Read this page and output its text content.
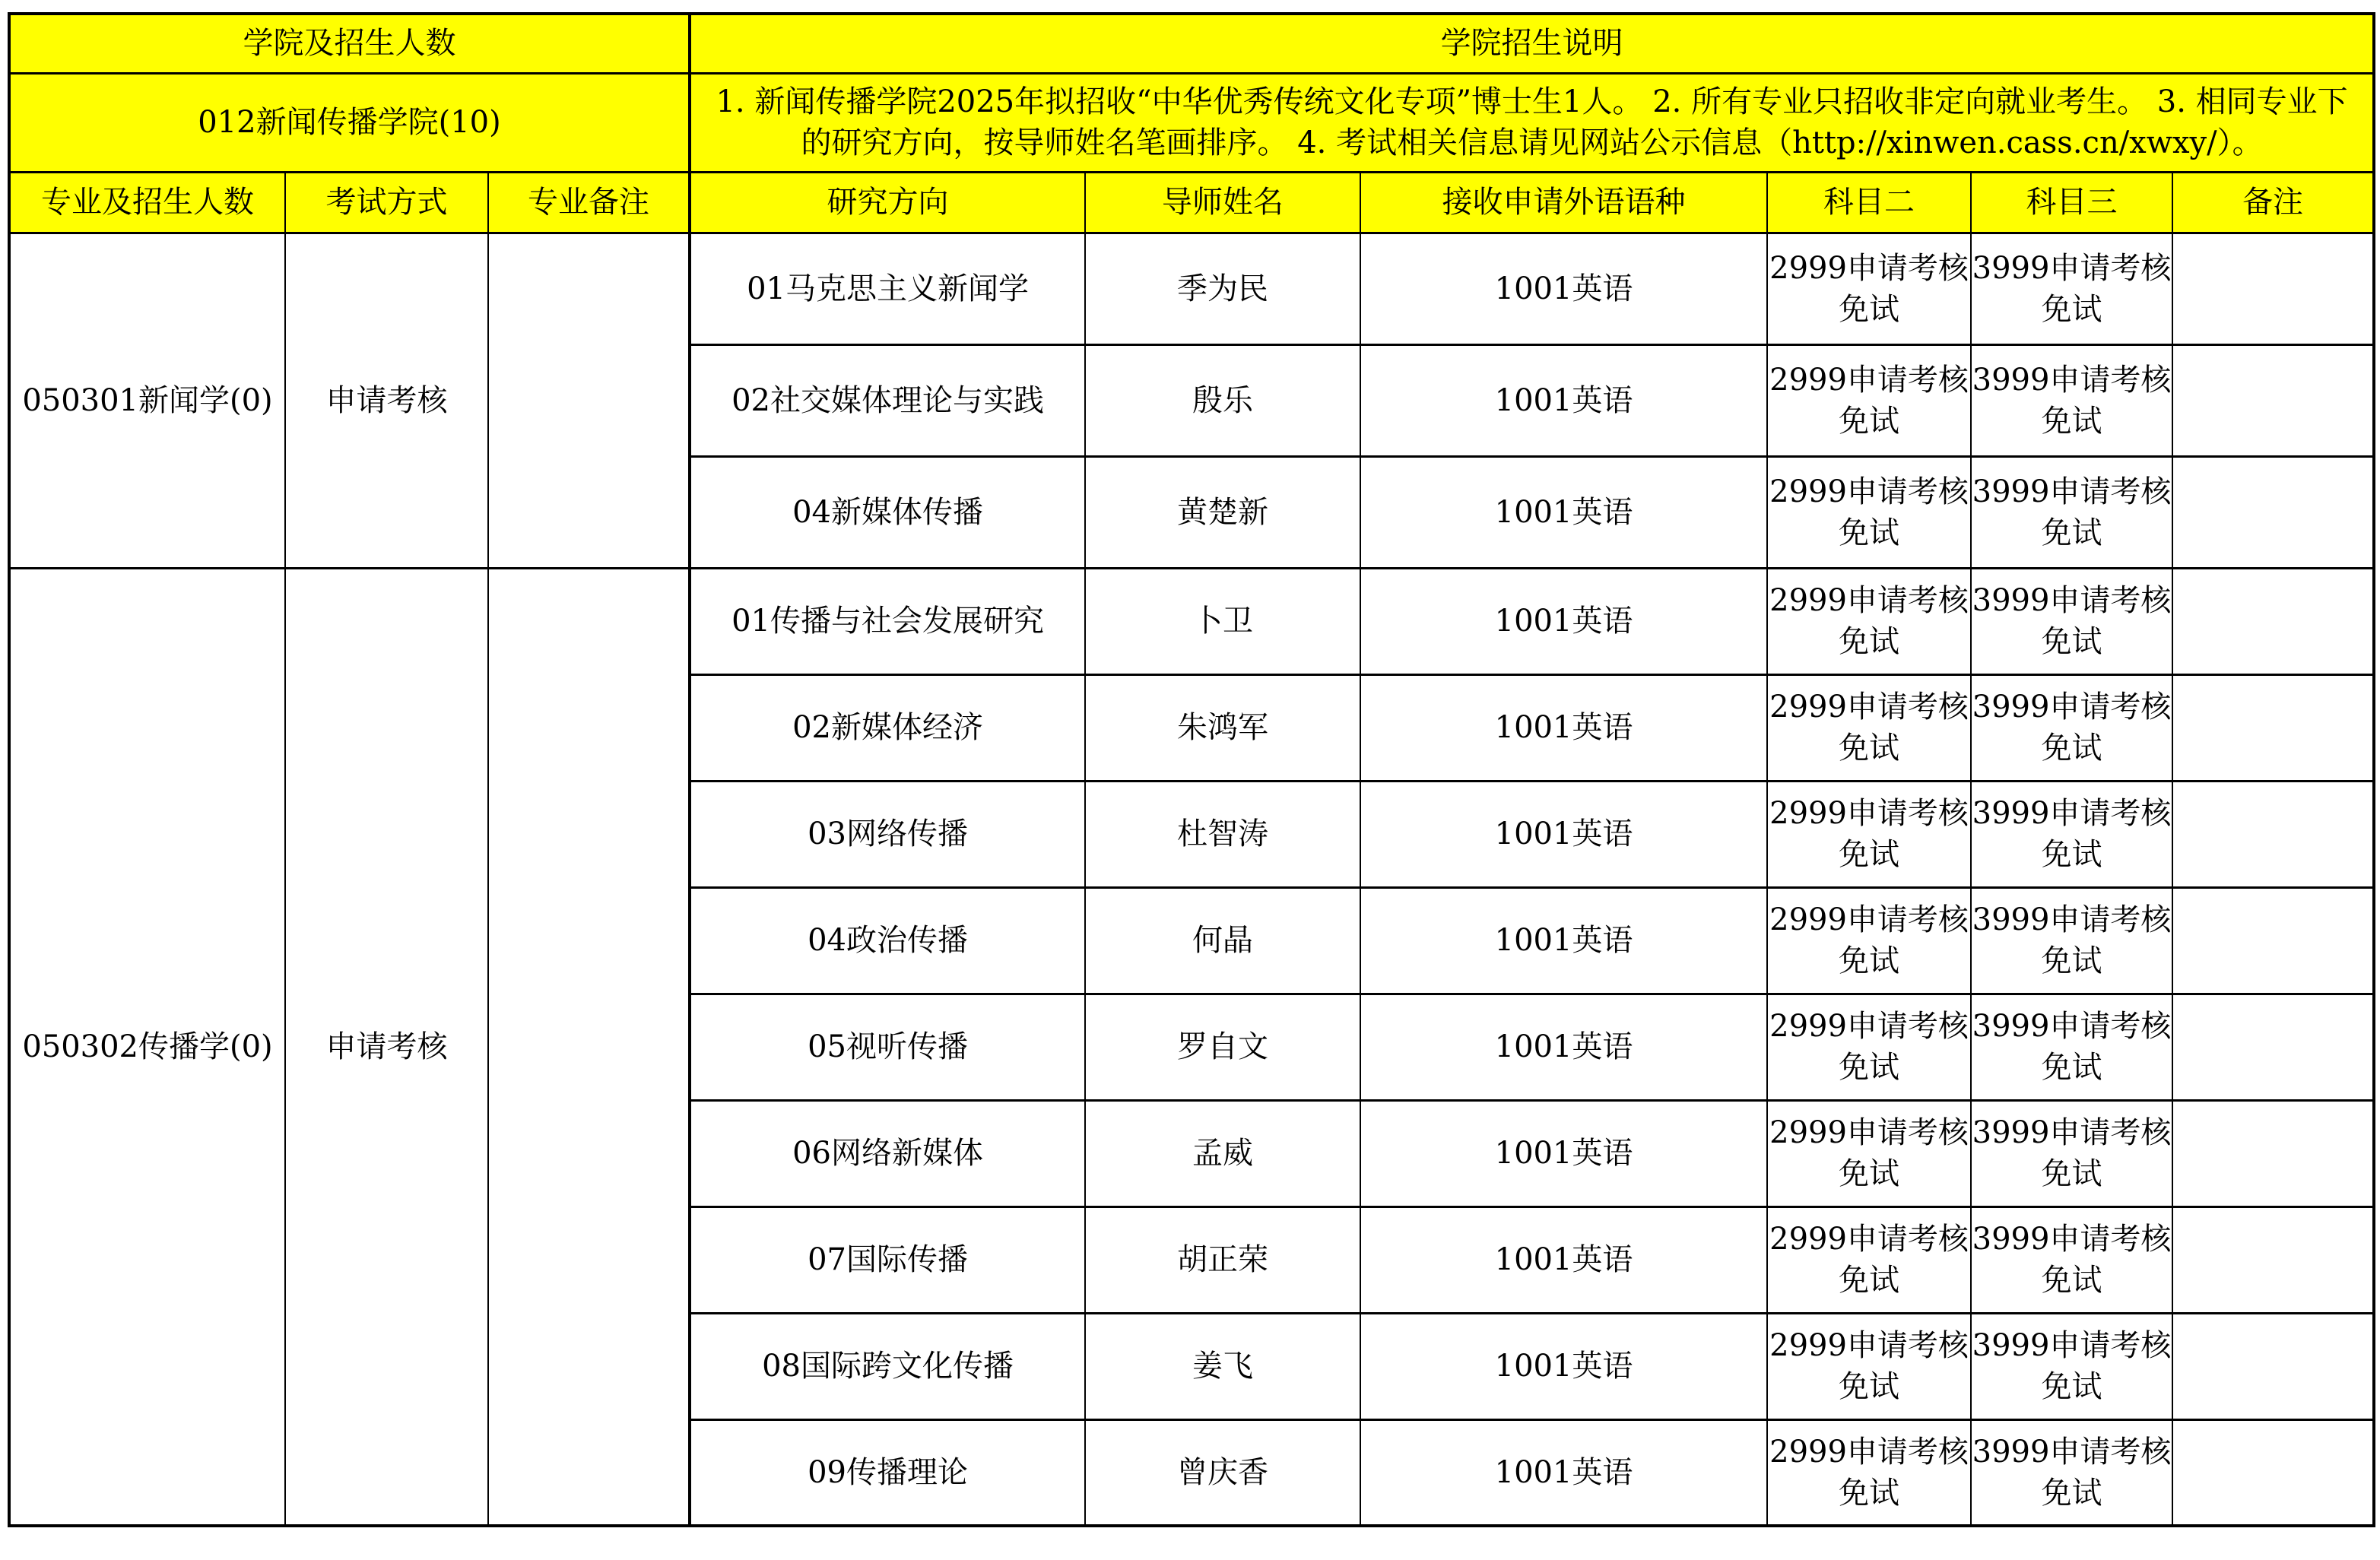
学院及招生人数			学院招生说明					
012新闻传播学院(10)			1. 新闻传播学院2025年拟招收“中华优秀传统文化专项”博士生1人。 2. 所有专业只招收非定向就业考生。 3. 相同专业下
的研究方向，按导师姓名笔画排序。 4. 考试相关信息请见网站公示信息（http://xinwen.cass.cn/xwxy/）。					

专业及招生人数	考试方式	专业备注	研究方向	导师姓名	接收申请外语语种	科目二	科目三	备注
050301新闻学(0)	申请考核		01马克思主义新闻学	季为民	1001英语	2999申请考核免试	3999申请考核免试	
			02社交媒体理论与实践	殷乐	1001英语	2999申请考核免试	3999申请考核免试	
			04新媒体传播	黄楚新	1001英语	2999申请考核免试	3999申请考核免试	
050302传播学(0)	申请考核		01传播与社会发展研究	卜卫	1001英语	2999申请考核免试	3999申请考核免试	
			02新媒体经济	朱鸿军	1001英语	2999申请考核免试	3999申请考核免试	
			03网络传播	杜智涛	1001英语	2999申请考核免试	3999申请考核免试	
			04政治传播	何晶	1001英语	2999申请考核免试	3999申请考核免试	
			05视听传播	罗自文	1001英语	2999申请考核免试	3999申请考核免试	
			06网络新媒体	孟威	1001英语	2999申请考核免试	3999申请考核免试	
			07国际传播	胡正荣	1001英语	2999申请考核免试	3999申请考核免试	
			08国际跨文化传播	姜飞	1001英语	2999申请考核免试	3999申请考核免试	
			09传播理论	曾庆香	1001英语	2999申请考核免试	3999申请考核免试	
